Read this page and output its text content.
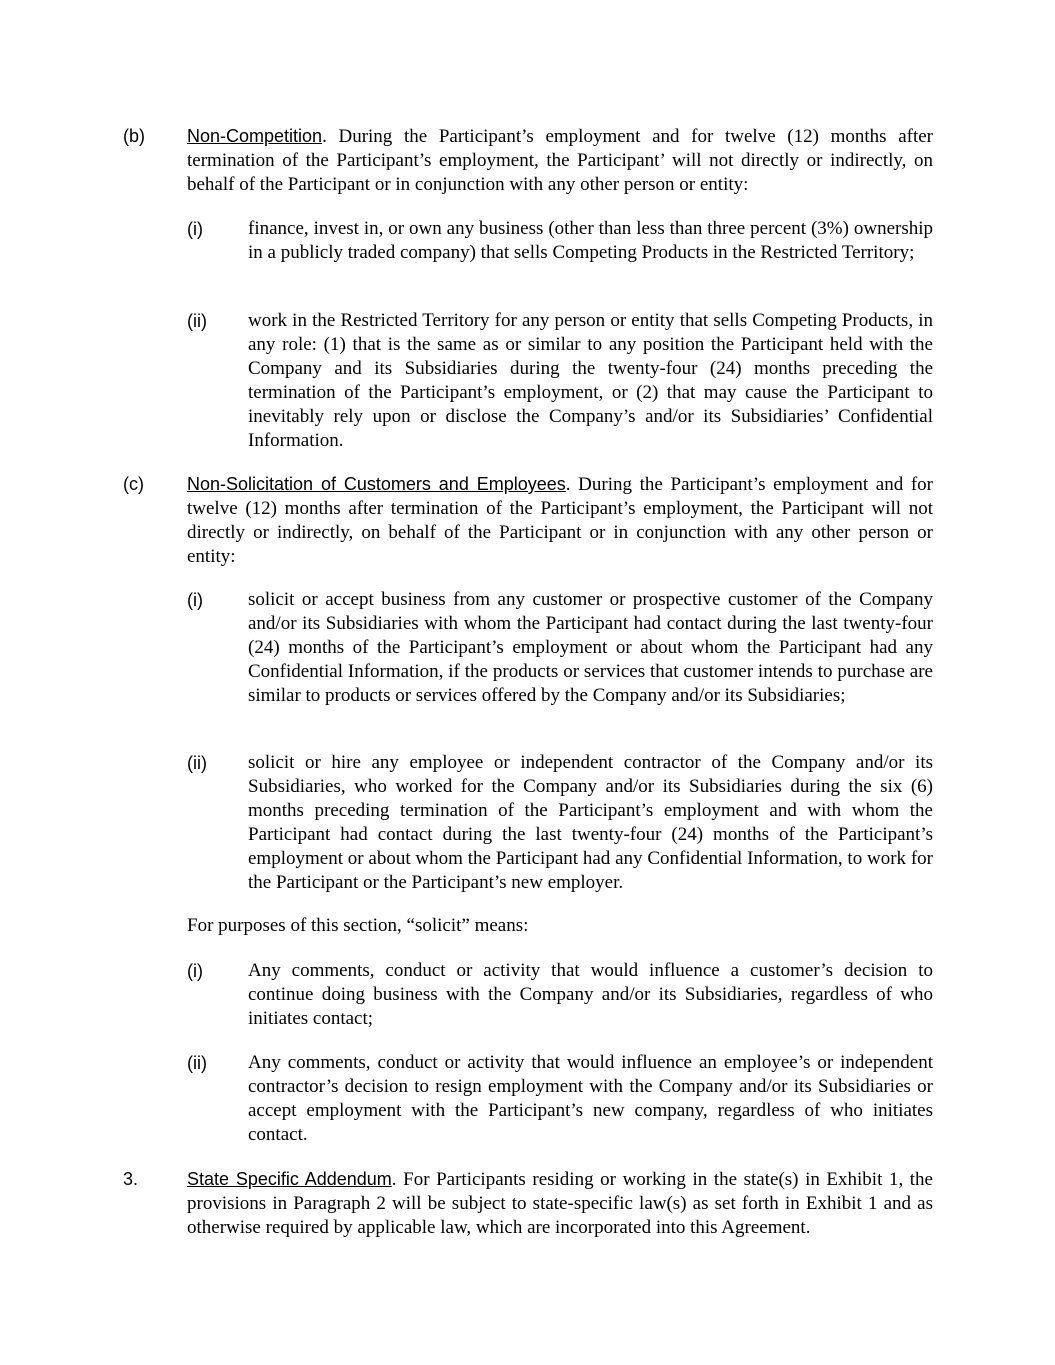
(b) Non-Competition. During the Participant’s employment and for twelve (12) months after termination of the Participant’s employment, the Participant’ will not directly or indirectly, on behalf of the Participant or in conjunction with any other person or entity:
(i) finance, invest in, or own any business (other than less than three percent (3%) ownership in a publicly traded company) that sells Competing Products in the Restricted Territory;
(ii) work in the Restricted Territory for any person or entity that sells Competing Products, in any role: (1) that is the same as or similar to any position the Participant held with the Company and its Subsidiaries during the twenty-four (24) months preceding the termination of the Participant’s employment, or (2) that may cause the Participant to inevitably rely upon or disclose the Company’s and/or its Subsidiaries’ Confidential Information.
(c) Non-Solicitation of Customers and Employees. During the Participant’s employment and for twelve (12) months after termination of the Participant’s employment, the Participant will not directly or indirectly, on behalf of the Participant or in conjunction with any other person or entity:
(i) solicit or accept business from any customer or prospective customer of the Company and/or its Subsidiaries with whom the Participant had contact during the last twenty-four (24) months of the Participant’s employment or about whom the Participant had any Confidential Information, if the products or services that customer intends to purchase are similar to products or services offered by the Company and/or its Subsidiaries;
(ii) solicit or hire any employee or independent contractor of the Company and/or its Subsidiaries, who worked for the Company and/or its Subsidiaries during the six (6) months preceding termination of the Participant’s employment and with whom the Participant had contact during the last twenty-four (24) months of the Participant’s employment or about whom the Participant had any Confidential Information, to work for the Participant or the Participant’s new employer.
For purposes of this section, “solicit” means:
(i) Any comments, conduct or activity that would influence a customer’s decision to continue doing business with the Company and/or its Subsidiaries, regardless of who initiates contact;
(ii) Any comments, conduct or activity that would influence an employee’s or independent contractor’s decision to resign employment with the Company and/or its Subsidiaries or accept employment with the Participant’s new company, regardless of who initiates contact.
3.	State Specific Addendum. For Participants residing or working in the state(s) in Exhibit 1, the provisions in Paragraph 2 will be subject to state-specific law(s) as set forth in Exhibit 1 and as otherwise required by applicable law, which are incorporated into this Agreement.
